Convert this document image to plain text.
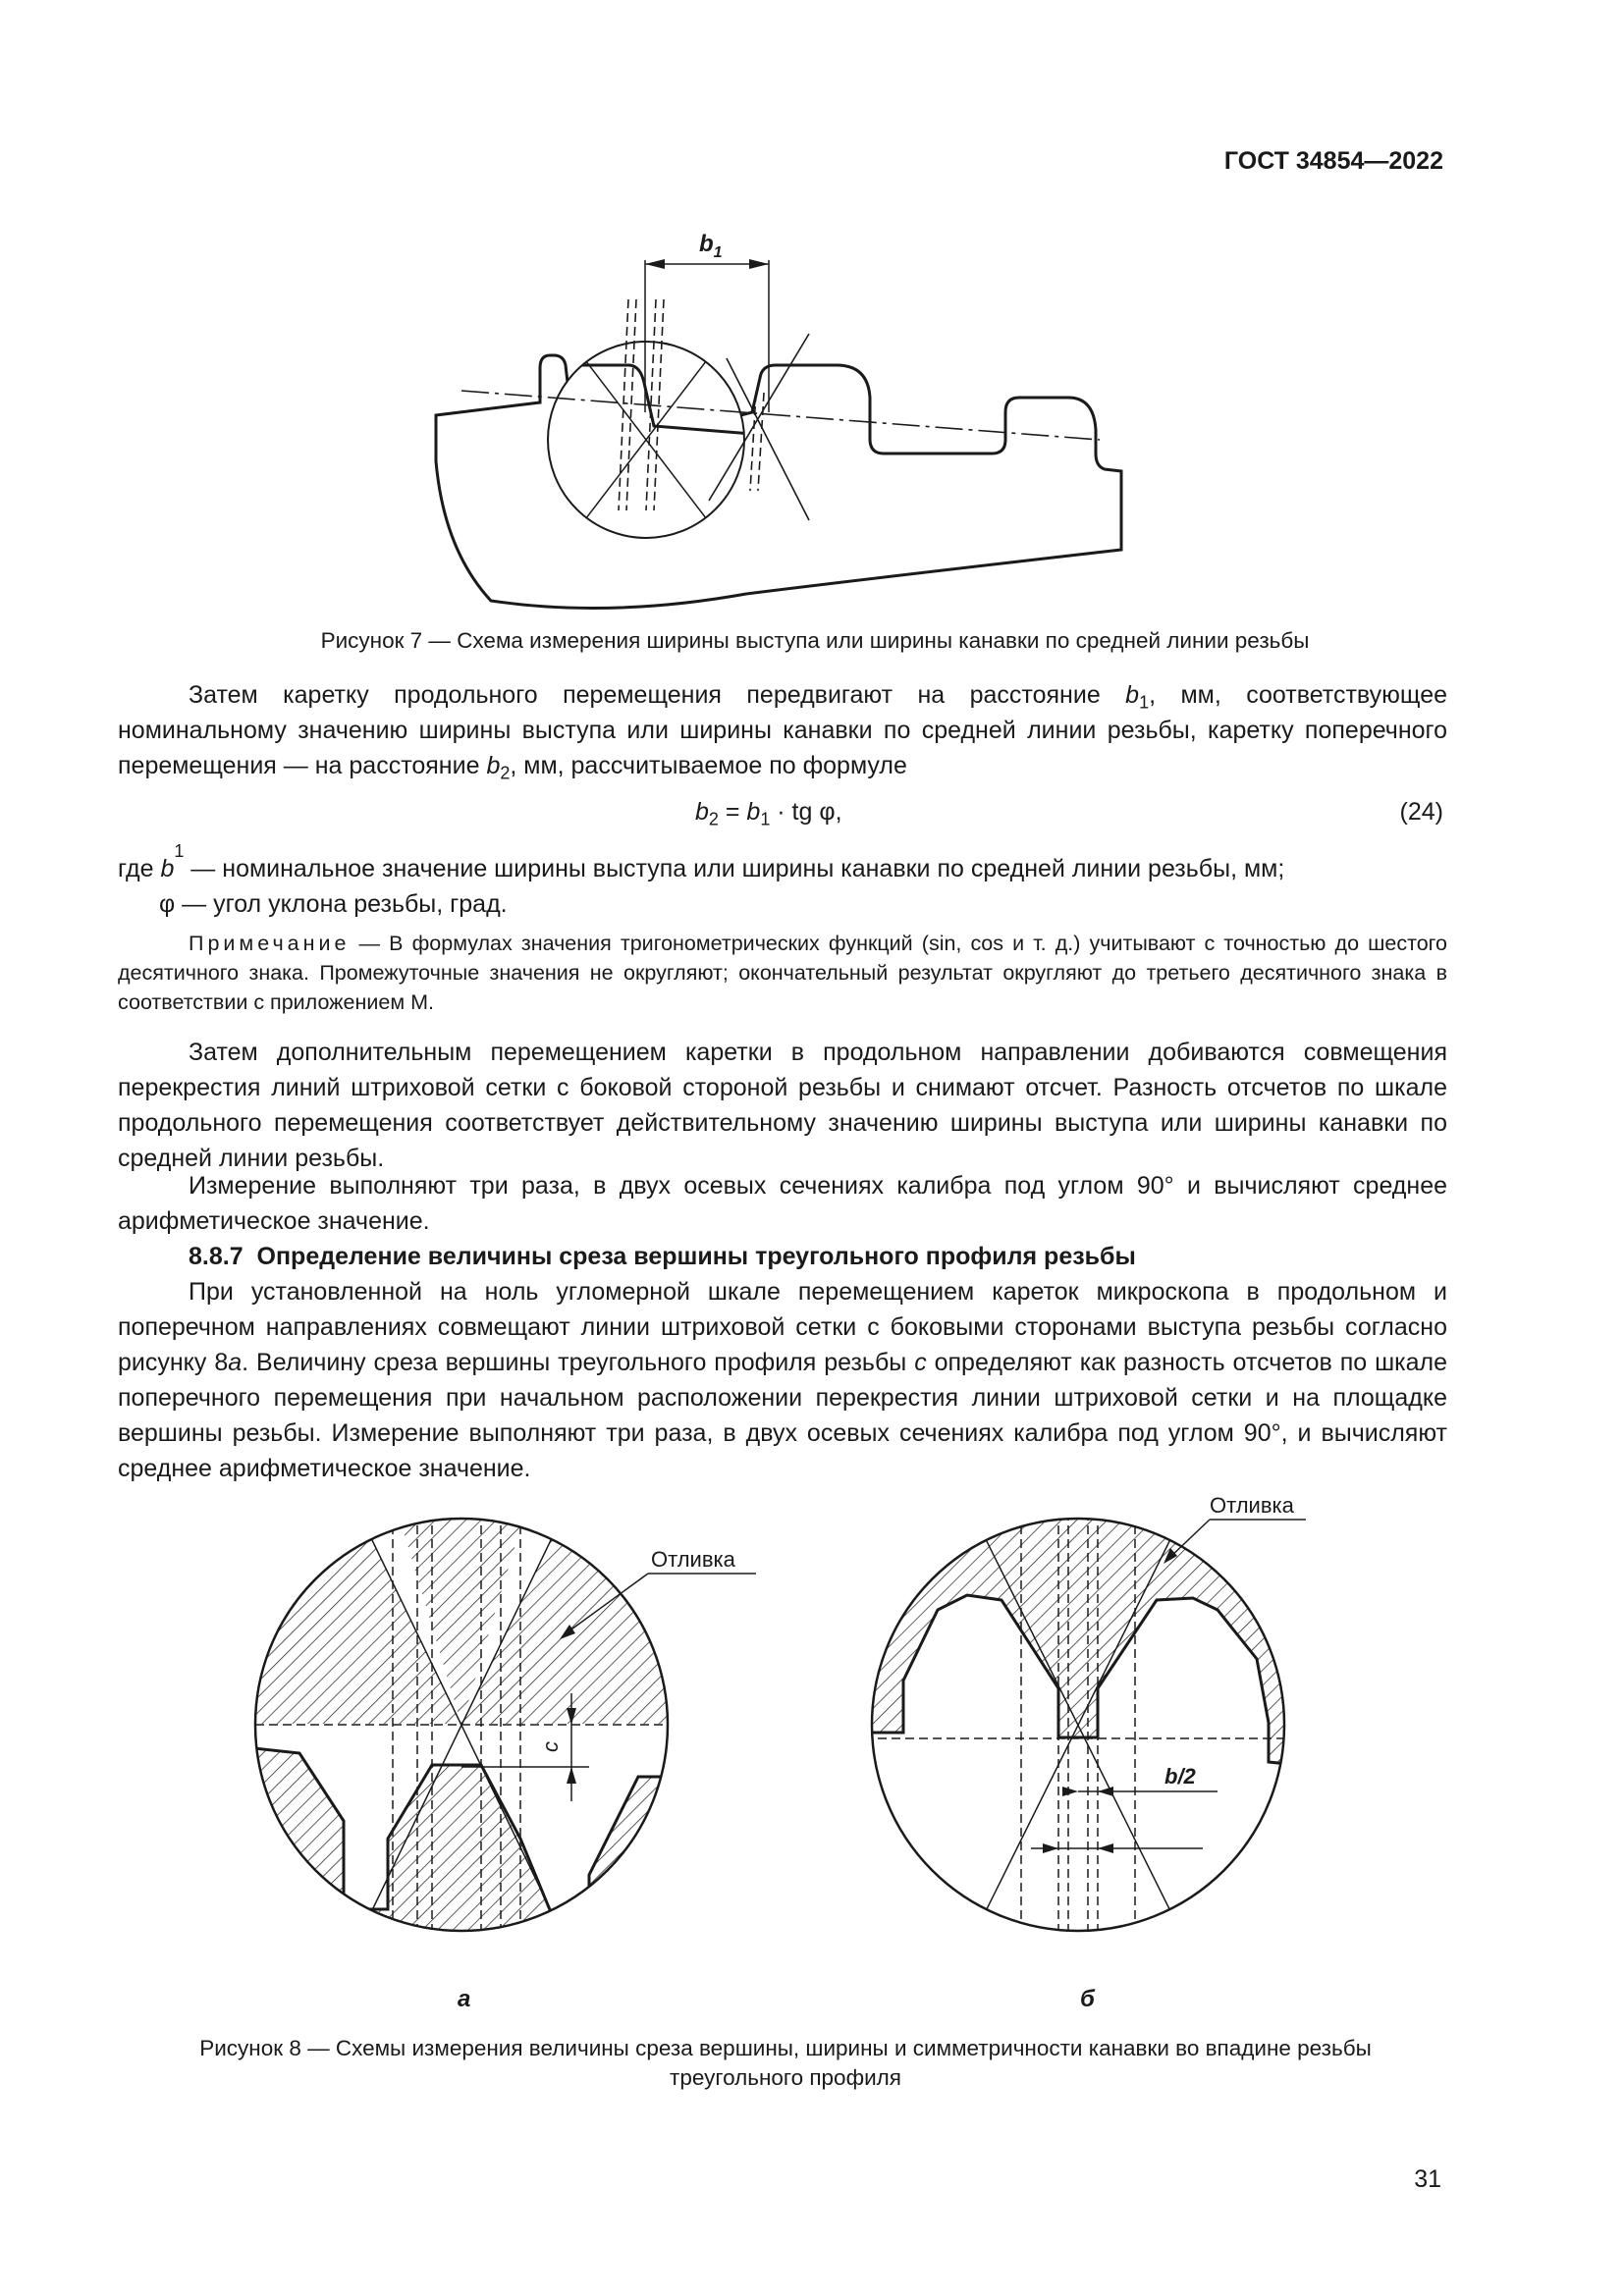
ГОСТ 34854—2022
$b_1$
Рисунок 7 — Схема измерения ширины выступа или ширины канавки по средней линии резьбы

Затем каретку продольного перемещения передвигают на расстояние $b_1$, мм, соответствующее номинальному значению ширины выступа или ширины канавки по средней линии резьбы, каретку поперечного перемещения — на расстояние $b_2$, мм, рассчитываемое по формуле

$b_2 = b_1$ · tg φ,	(24)
где b
1
— номинальное значение ширины выступа или ширины канавки по средней линии резьбы, мм;
φ — угол уклона резьбы, град.

Примечание — В формулах значения тригонометрических функций (sin, cos и т. д.) учитывают с точностью до шестого десятичного знака. Промежуточные значения не округляют; окончательный результат округляют до третьего десятичного знака в соответствии с приложением М.

Затем дополнительным перемещением каретки в продольном направлении добиваются совмещения перекрестия линий штриховой сетки с боковой стороной резьбы и снимают отсчет. Разность отсчетов по шкале продольного перемещения соответствует действительному значению ширины выступа или ширины канавки по средней линии резьбы.

Измерение выполняют три раза, в двух осевых сечениях калибра под углом 90° и вычисляют среднее арифметическое значение.

8.8.7 Определение величины среза вершины треугольного профиля резьбы

При установленной на ноль угломерной шкале перемещением кареток микроскопа в продольном и поперечном направлениях совмещают линии штриховой сетки с боковыми сторонами выступа резьбы согласно рисунку 8а. Величину среза вершины треугольного профиля резьбы с определяют как разность отсчетов по шкале поперечного перемещения при начальном расположении перекрестия линии штриховой сетки и на площадке вершины резьбы. Измерение выполняют три раза, в двух осевых сечениях калибра под углом 90°, и вычисляют среднее арифметическое значение.

c
Отливка
а
b/2
Отливка
б
Рисунок 8 — Схемы измерения величины среза вершины, ширины и симметричности канавки во впадине резьбы
треугольного профиля
31
